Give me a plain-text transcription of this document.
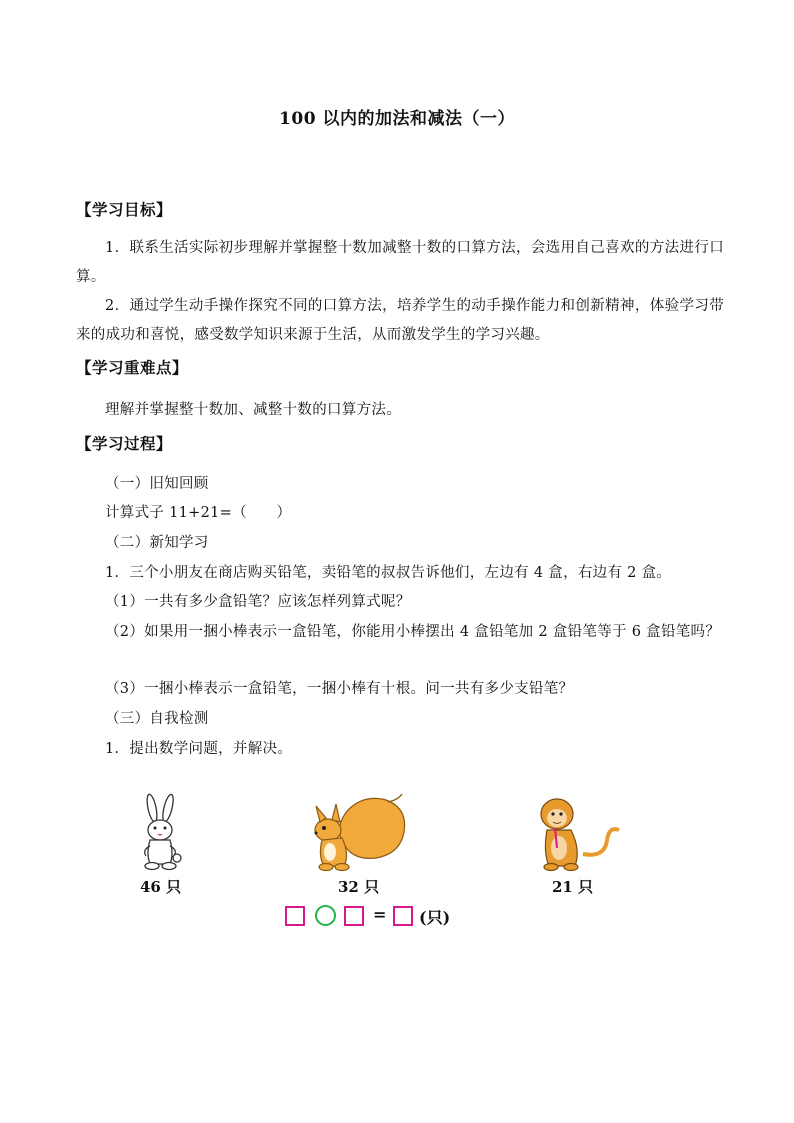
100 以内的加法和减法（一）
【学习目标】
1．联系生活实际初步理解并掌握整十数加减整十数的口算方法，会选用自己喜欢的方法进行口算。
2．通过学生动手操作探究不同的口算方法，培养学生的动手操作能力和创新精神，体验学习带来的成功和喜悦，感受数学知识来源于生活，从而激发学生的学习兴趣。
【学习重难点】
理解并掌握整十数加、减整十数的口算方法。
【学习过程】
（一）旧知回顾
计算式子 11+21=（　　）
（二）新知学习
1．三个小朋友在商店购买铅笔，卖铅笔的叔叔告诉他们，左边有 4 盒，右边有 2 盒。
（1）一共有多少盒铅笔？应该怎样列算式呢？
（2）如果用一捆小棒表示一盒铅笔，你能用小棒摆出 4 盒铅笔加 2 盒铅笔等于 6 盒铅笔吗？
（3）一捆小棒表示一盒铅笔，一捆小棒有十根。问一共有多少支铅笔？
（三）自我检测
1．提出数学问题，并解决。
46 只	32 只	21 只
= (只)
